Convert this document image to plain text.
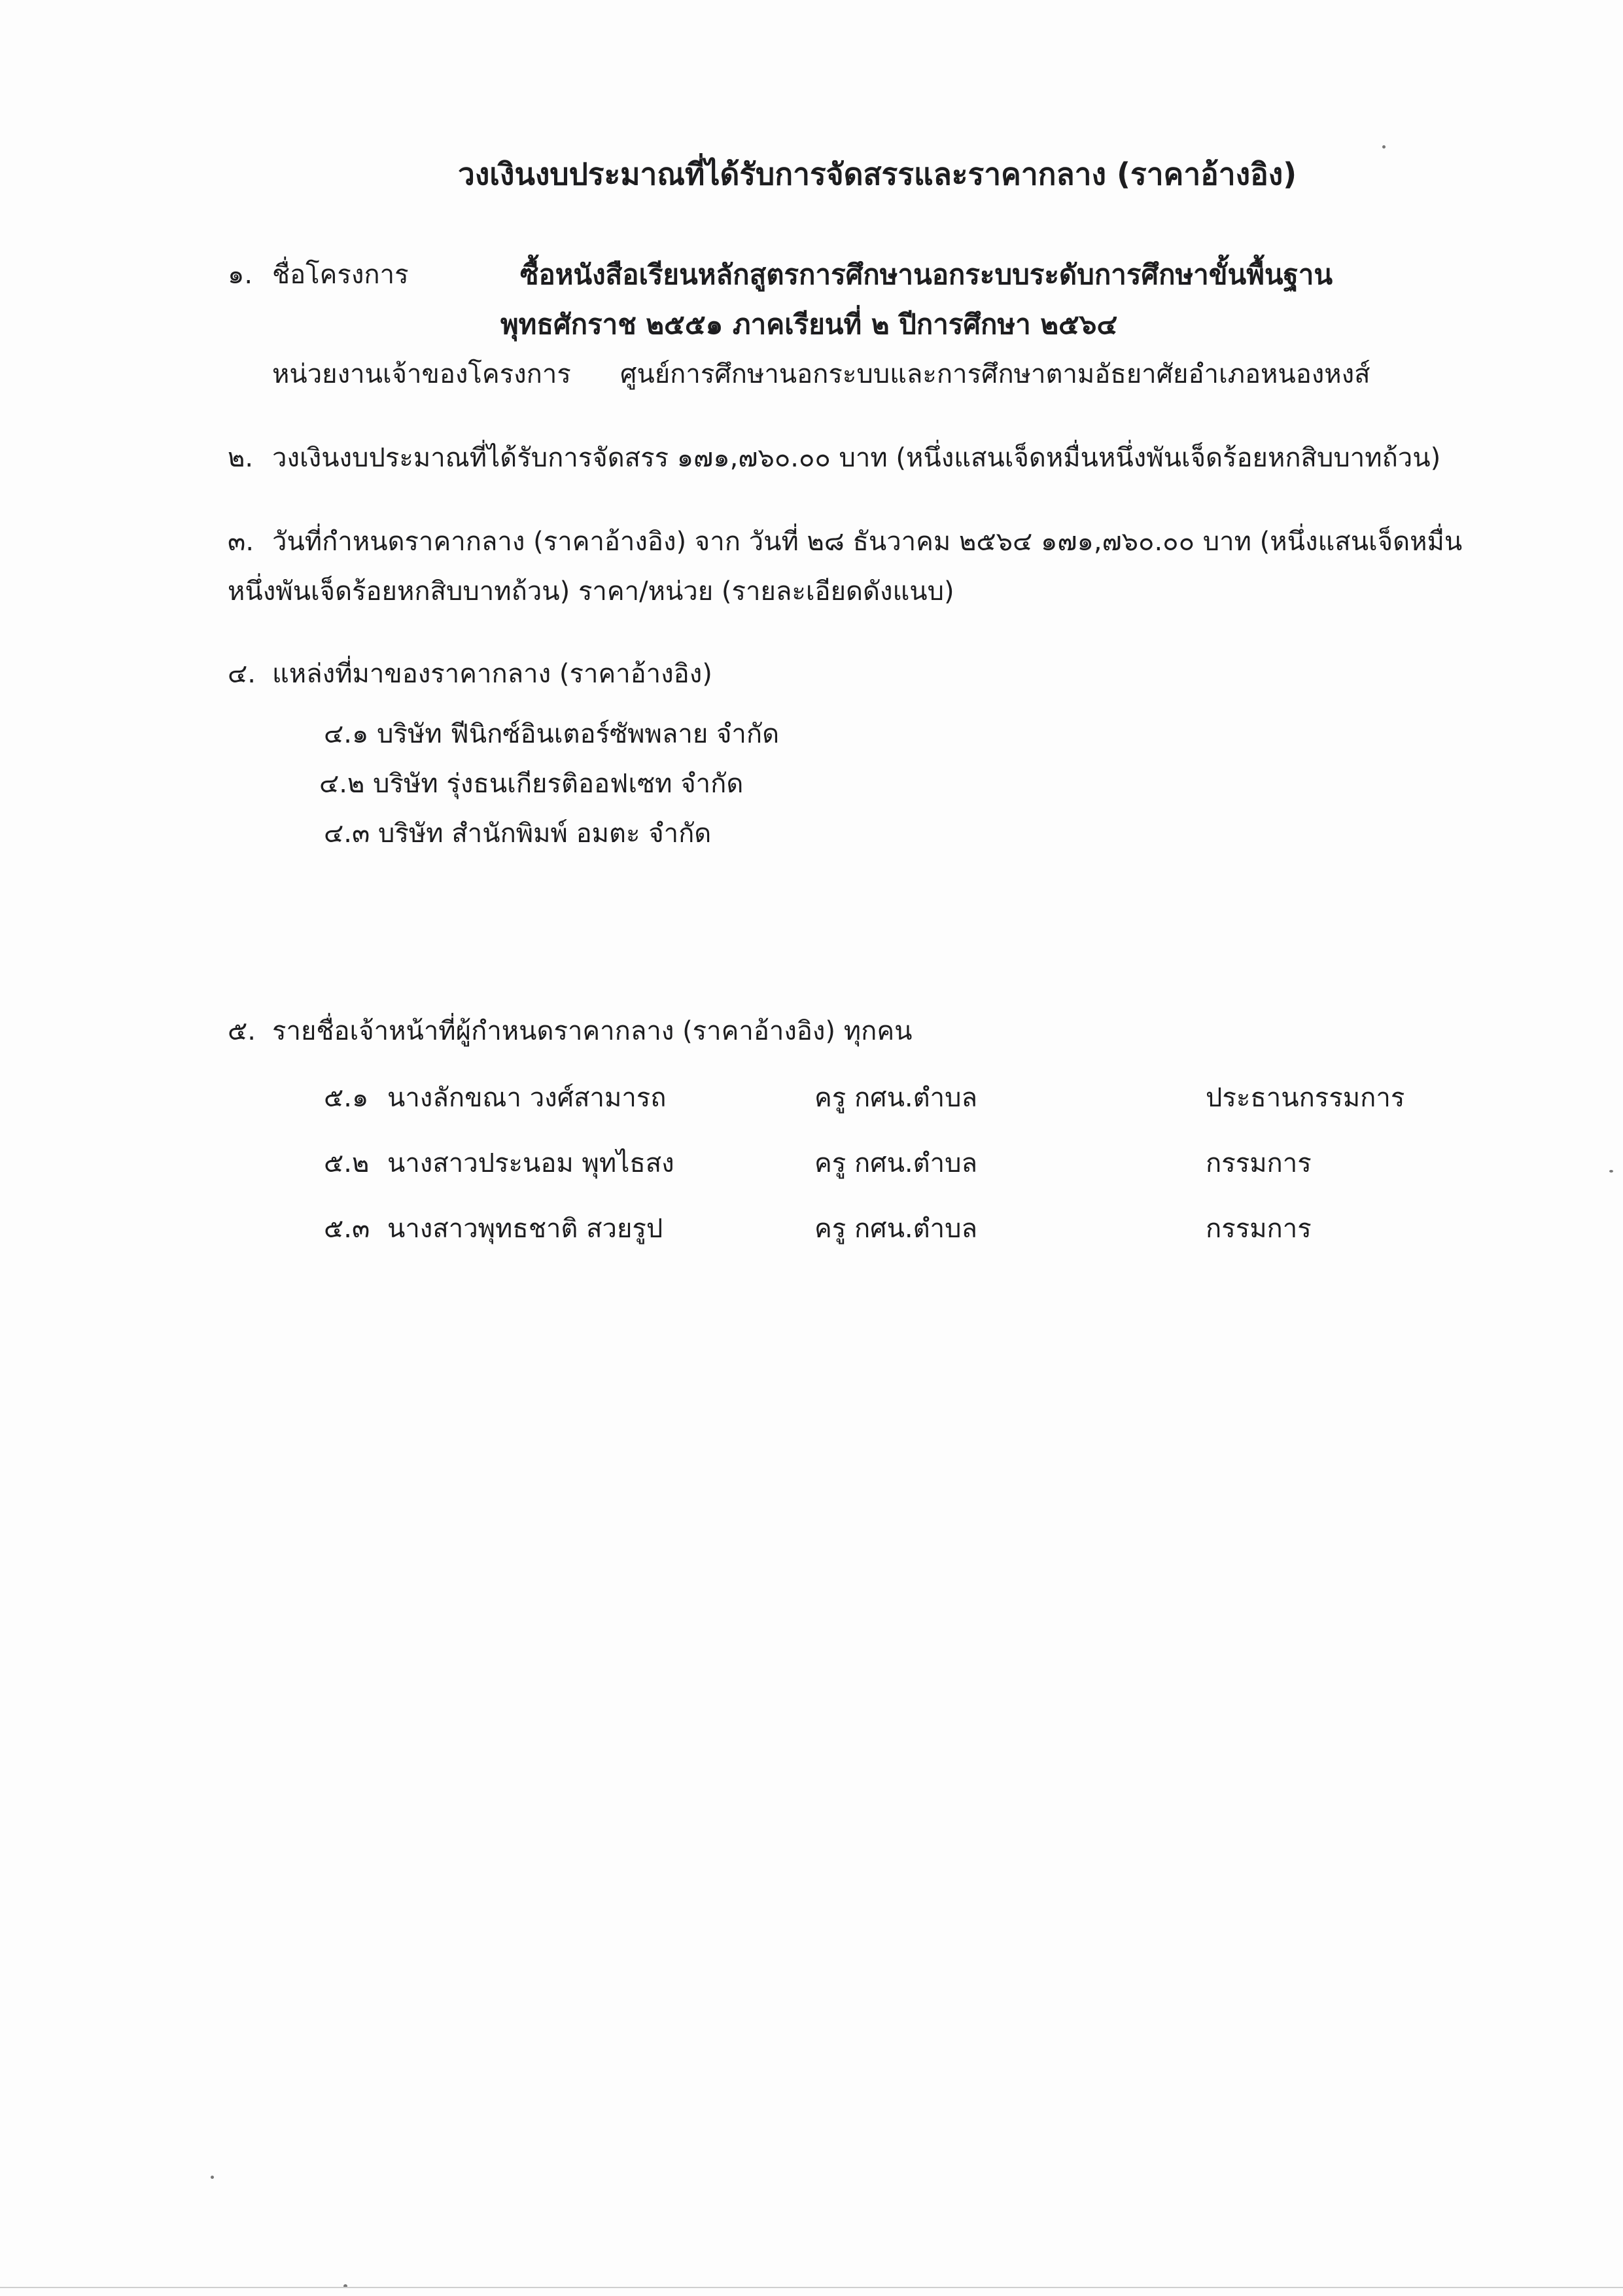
วงเงินงบประมาณที่ได้รับการจัดสรรและราคากลาง (ราคาอ้างอิง)
๑. ชื่อโครงการ	ซื้อหนังสือเรียนหลักสูตรการศึกษานอกระบบระดับการศึกษาขั้นพื้นฐาน
พุทธศักราช ๒๕๕๑ ภาคเรียนที่ ๒ ปีการศึกษา ๒๕๖๔
หน่วยงานเจ้าของโครงการ ศูนย์การศึกษานอกระบบและการศึกษาตามอัธยาศัยอำเภอหนองหงส์
๒. วงเงินงบประมาณที่ได้รับการจัดสรร ๑๗๑,๗๖๐.๐๐ บาท (หนึ่งแสนเจ็ดหมื่นหนึ่งพันเจ็ดร้อยหกสิบบาทถ้วน)
๓. วันที่กำหนดราคากลาง (ราคาอ้างอิง) จาก วันที่ ๒๘ ธันวาคม ๒๕๖๔ ๑๗๑,๗๖๐.๐๐ บาท (หนึ่งแสนเจ็ดหมื่น
หนึ่งพันเจ็ดร้อยหกสิบบาทถ้วน) ราคา/หน่วย (รายละเอียดดังแนบ)
๔. แหล่งที่มาของราคากลาง (ราคาอ้างอิง)
๔.๑ บริษัท ฟีนิกซ์อินเตอร์ซัพพลาย จำกัด
๔.๒ บริษัท รุ่งธนเกียรติออฟเซท จำกัด
๔.๓ บริษัท สำนักพิมพ์ อมตะ จำกัด
๕. รายชื่อเจ้าหน้าที่ผู้กำหนดราคากลาง (ราคาอ้างอิง) ทุกคน
๕.๑ นางลักขณา วงศ์สามารถ	ครู กศน.ตำบล	ประธานกรรมการ
๕.๒ นางสาวประนอม พุทไธสง	ครู กศน.ตำบล	กรรมการ
๕.๓ นางสาวพุทธชาติ สวยรูป	ครู กศน.ตำบล	กรรมการ
